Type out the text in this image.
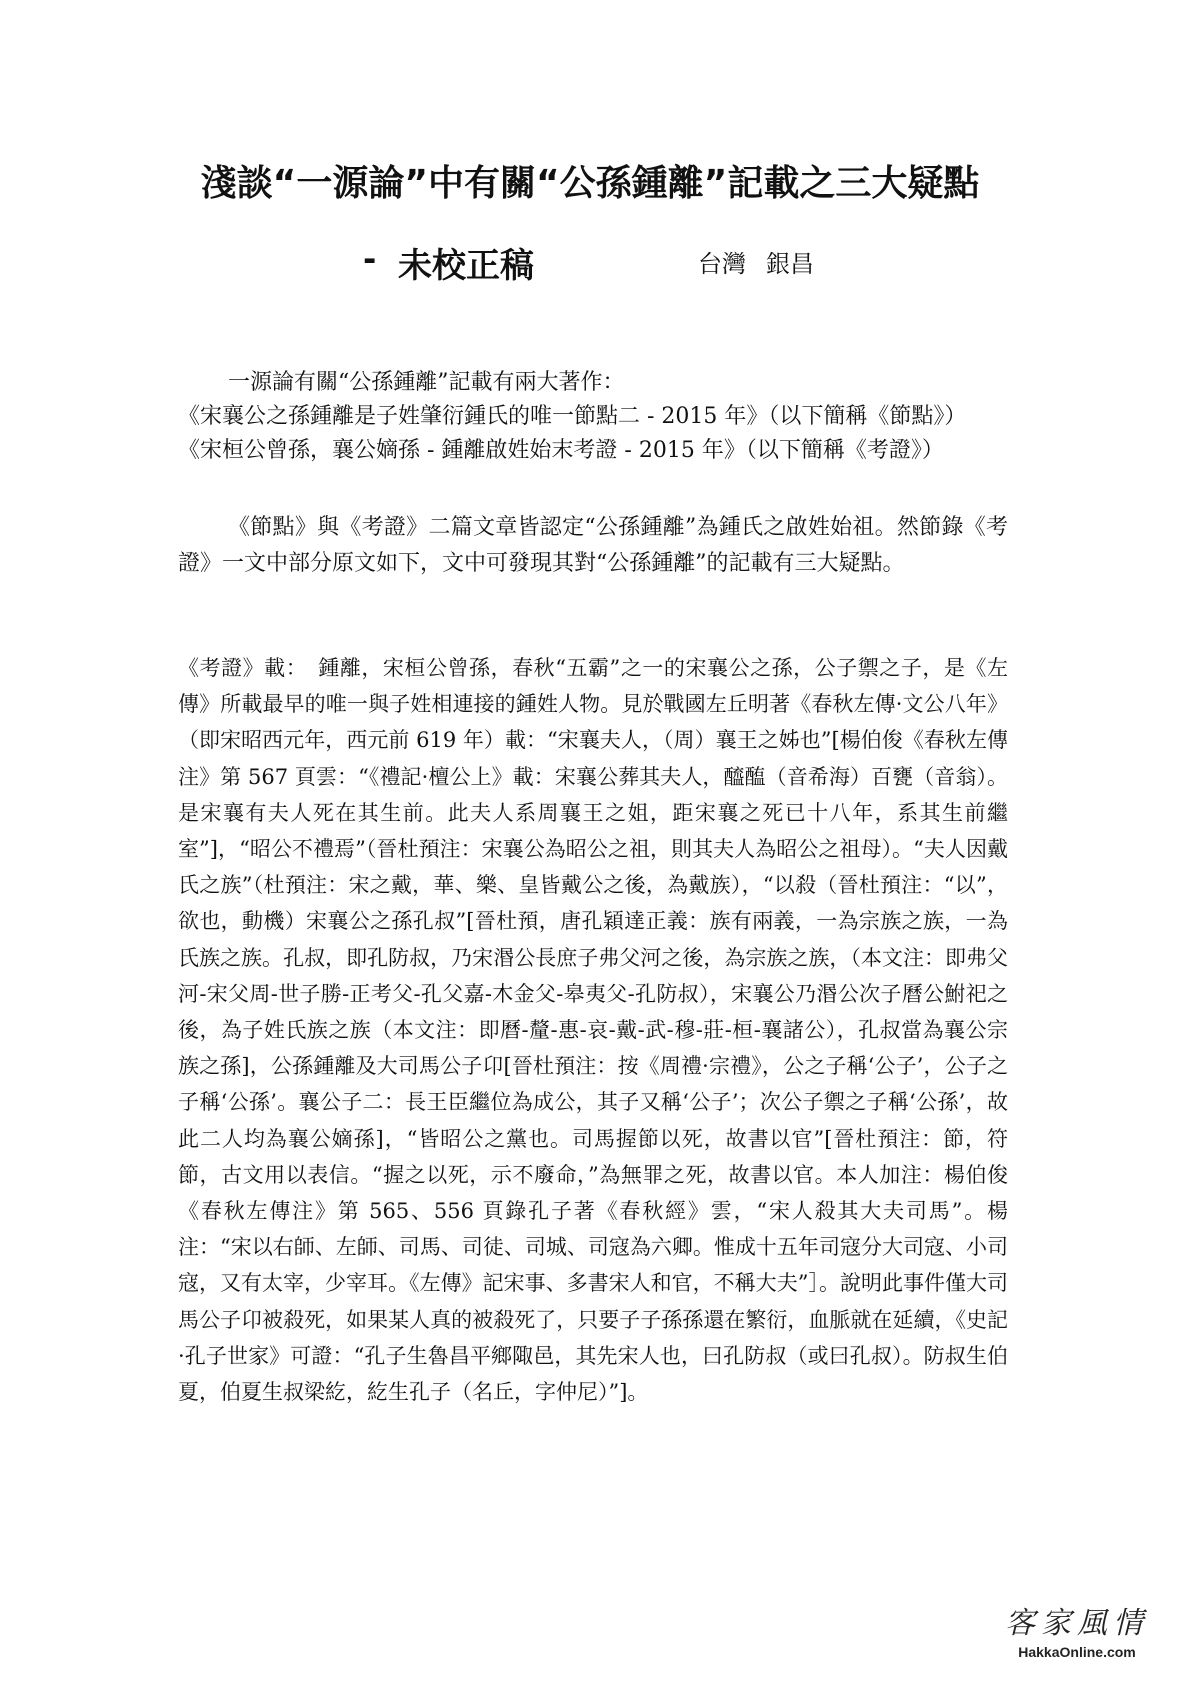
淺談“一源論”中有關“公孫鍾離”記載之三大疑點
- 未校正稿	台灣 銀昌

一源論有關“公孫鍾離”記載有兩大著作：

《宋襄公之孫鍾離是子姓肇衍鍾氏的唯一節點二 - 2015 年》（以下簡稱《節點》）

《宋桓公曾孫，襄公嫡孫 - 鍾離啟姓始末考證 - 2015 年》（以下簡稱《考證》）

《節點》與《考證》二篇文章皆認定“公孫鍾離”為鍾氏之啟姓始祖。然節錄《考證》一文中部分原文如下，文中可發現其對“公孫鍾離”的記載有三大疑點。
《考證》載：　鍾離，宋桓公曾孫，春秋“五霸”之一的宋襄公之孫，公子禦之子，是《左傳》所載最早的唯一與子姓相連接的鍾姓人物。見於戰國左丘明著《春秋左傳·文公八年》（即宋昭西元年，西元前 619 年）載：“宋襄夫人，（周）襄王之姊也”[楊伯俊《春秋左傳注》第 567 頁雲：“《禮記·檀公上》載：宋襄公葬其夫人，醯醢（音希海）百甕（音翁）。是宋襄有夫人死在其生前。此夫人系周襄王之姐，距宋襄之死已十八年，系其生前繼室”]，“昭公不禮焉”（晉杜預注：宋襄公為昭公之祖，則其夫人為昭公之祖母）。“夫人因戴氏之族”（杜預注：宋之戴，華、樂、皇皆戴公之後，為戴族），“以殺（晉杜預注：“以”，欲也，動機）宋襄公之孫孔叔”[晉杜預，唐孔穎達正義：族有兩義，一為宗族之族，一為氏族之族。孔叔，即孔防叔，乃宋湣公長庶子弗父河之後，為宗族之族，（本文注：即弗父河-宋父周-世子勝-正考父-孔父嘉-木金父-皋夷父-孔防叔），宋襄公乃湣公次子曆公鮒祀之後，為子姓氏族之族（本文注：即曆-釐-惠-哀-戴-武-穆-莊-桓-襄諸公），孔叔當為襄公宗族之孫]，公孫鍾離及大司馬公子卬[晉杜預注：按《周禮·宗禮》，公之子稱‘公子’，公子之子稱‘公孫’。襄公子二：長王臣繼位為成公，其子又稱‘公子’；次公子禦之子稱‘公孫’，故此二人均為襄公嫡孫]，“皆昭公之黨也。司馬握節以死，故書以官”[晉杜預注：節，符節，古文用以表信。“握之以死，示不廢命，”為無罪之死，故書以官。本人加注：楊伯俊《春秋左傳注》第 565、556 頁錄孔子著《春秋經》雲，“宋人殺其大夫司馬”。楊注：“宋以右師、左師、司馬、司徒、司城、司寇為六卿。惟成十五年司寇分大司寇、小司寇，又有太宰，少宰耳。《左傳》記宋事、多書宋人和官，不稱大夫”］。說明此事件僅大司馬公子卬被殺死，如果某人真的被殺死了，只要子子孫孫還在繁衍，血脈就在延續，《史記·孔子世家》可證：“孔子生魯昌平鄉陬邑，其先宋人也，曰孔防叔（或曰孔叔）。防叔生伯夏，伯夏生叔梁紇，紇生孔子（名丘，字仲尼）”]。
客家風情
HakkaOnline.com
